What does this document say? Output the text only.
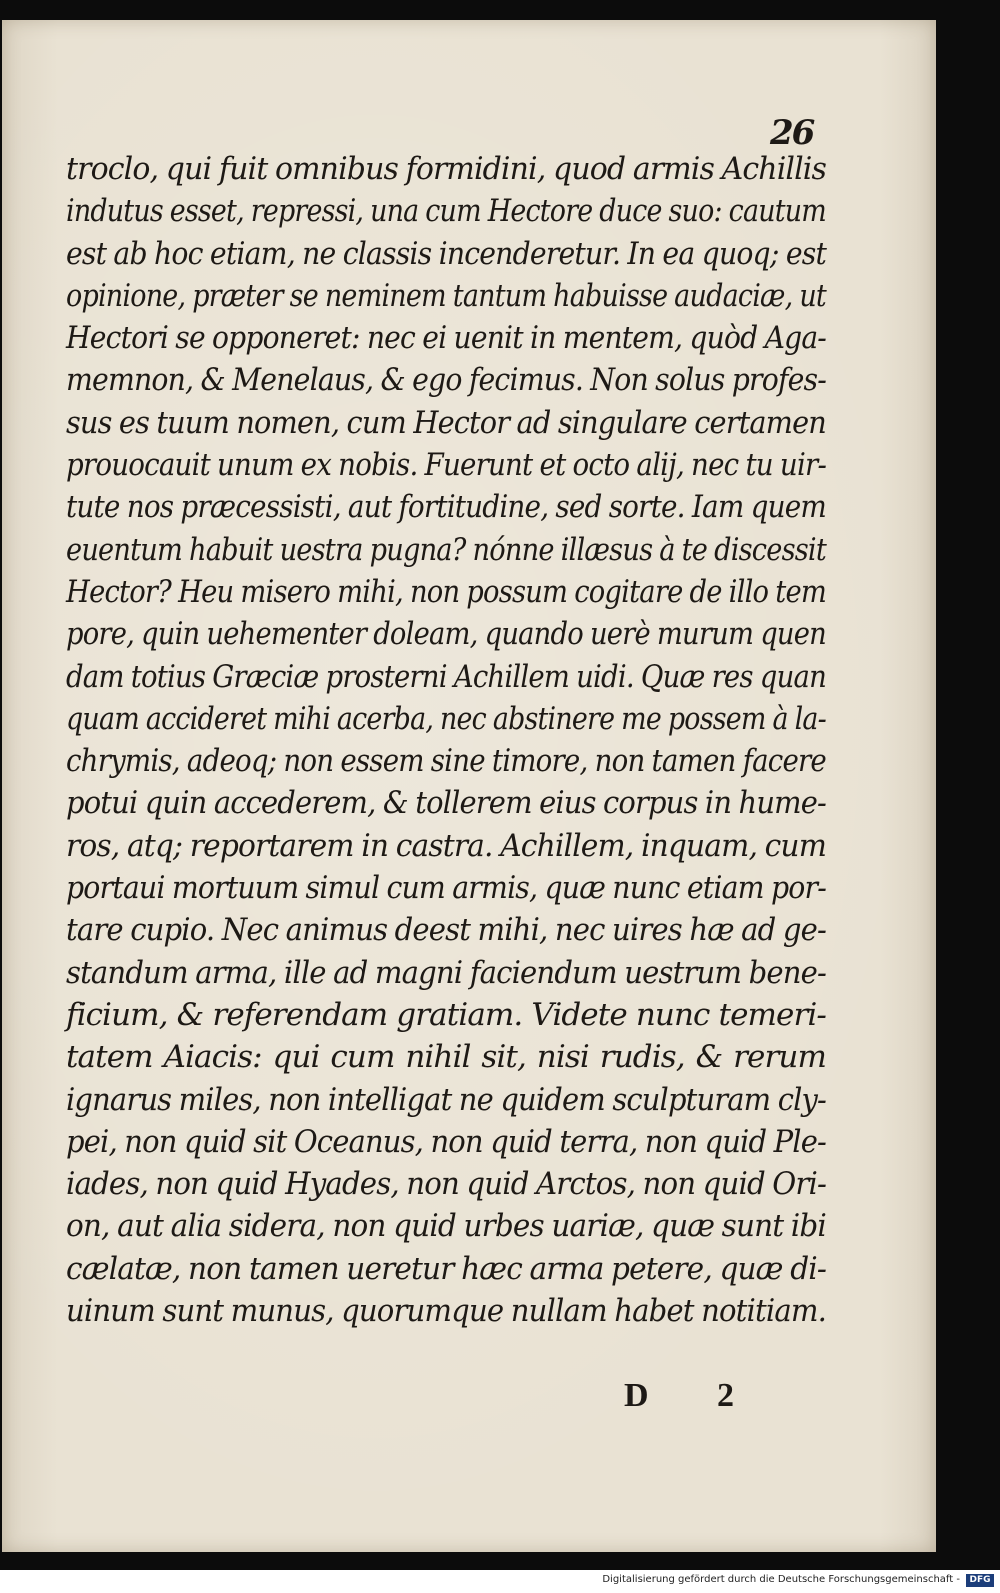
26
troclo, qui fuit omnibus formidini, quod armis Achillis
indutus esset, repressi, una cum Hectore duce suo: cautum
est ab hoc etiam, ne classis incenderetur. In ea quoq; est
opinione, præter se neminem tantum habuisse audaciæ, ut
Hectori se opponeret: nec ei uenit in mentem, quòd Aga-
memnon, & Menelaus, & ego fecimus. Non solus profes-
sus es tuum nomen, cum Hector ad singulare certamen
prouocauit unum ex nobis. Fuerunt et octo alij, nec tu uir-
tute nos præcessisti, aut fortitudine, sed sorte. Iam quem
euentum habuit uestra pugna? nónne illæsus à te discessit
Hector? Heu misero mihi, non possum cogitare de illo tem
pore, quin uehementer doleam, quando uerè murum quen
dam totius Græciæ prosterni Achillem uidi. Quæ res quan
quam accideret mihi acerba, nec abstinere me possem à la-
chrymis, adeoq; non essem sine timore, non tamen facere
potui quin accederem, & tollerem eius corpus in hume-
ros, atq; reportarem in castra. Achillem, inquam, cum
portaui mortuum simul cum armis, quæ nunc etiam por-
tare cupio. Nec animus deest mihi, nec uires hæ ad ge-
standum arma, ille ad magni faciendum uestrum bene-
ficium, & referendam gratiam. Videte nunc temeri-
tatem Aiacis: qui cum nihil sit, nisi rudis, & rerum
ignarus miles, non intelligat ne quidem sculpturam cly-
pei, non quid sit Oceanus, non quid terra, non quid Ple-
iades, non quid Hyades, non quid Arctos, non quid Ori-
on, aut alia sidera, non quid urbes uariæ, quæ sunt ibi
cælatæ, non tamen ueretur hæc arma petere, quæ di-
uinum sunt munus, quorumque nullam habet notitiam.
D 2
Digitalisierung gefördert durch die Deutsche Forschungsgemeinschaft -	DFG
